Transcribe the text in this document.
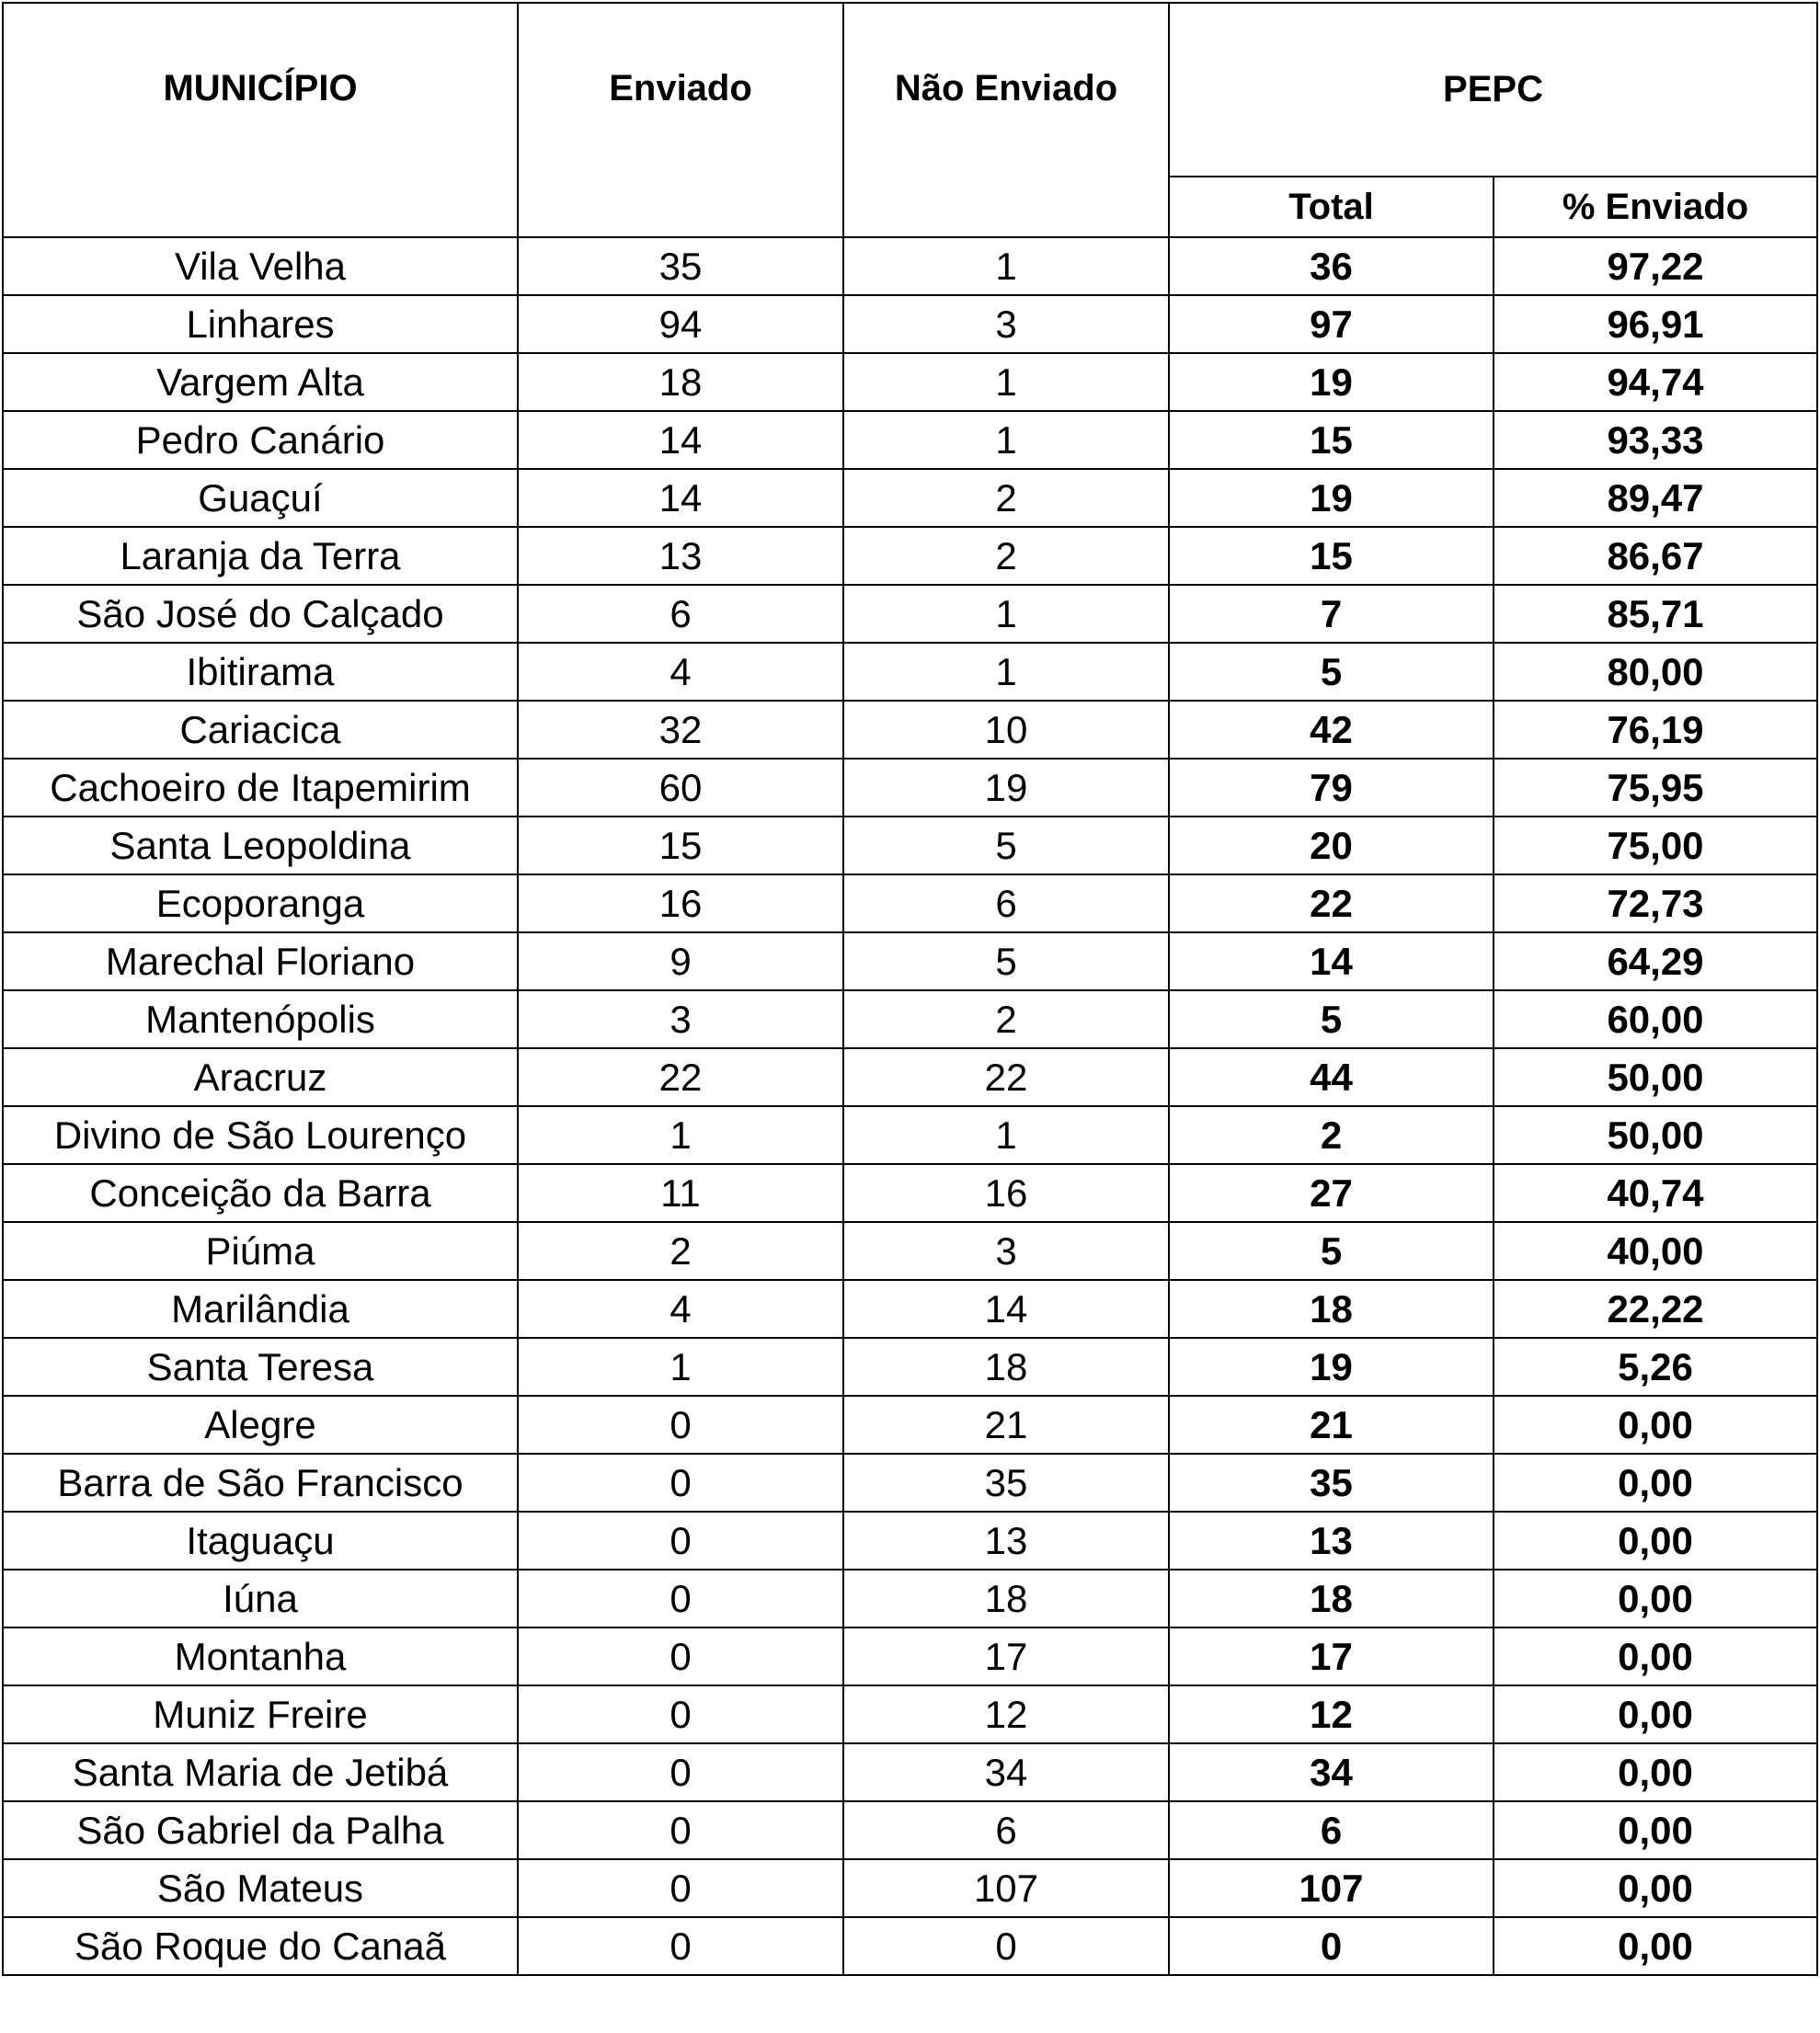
MUNICÍPIO	Enviado	Não Enviado	PEPC	
			Total	% Enviado
Vila Velha	35	1	36	97,22
Linhares	94	3	97	96,91
Vargem Alta	18	1	19	94,74
Pedro Canário	14	1	15	93,33
Guaçuí	14	2	19	89,47
Laranja da Terra	13	2	15	86,67
São José do Calçado	6	1	7	85,71
Ibitirama	4	1	5	80,00
Cariacica	32	10	42	76,19
Cachoeiro de Itapemirim	60	19	79	75,95
Santa Leopoldina	15	5	20	75,00
Ecoporanga	16	6	22	72,73
Marechal Floriano	9	5	14	64,29
Mantenópolis	3	2	5	60,00
Aracruz	22	22	44	50,00
Divino de São Lourenço	1	1	2	50,00
Conceição da Barra	11	16	27	40,74
Piúma	2	3	5	40,00
Marilândia	4	14	18	22,22
Santa Teresa	1	18	19	5,26
Alegre	0	21	21	0,00
Barra de São Francisco	0	35	35	0,00
Itaguaçu	0	13	13	0,00
Iúna	0	18	18	0,00
Montanha	0	17	17	0,00
Muniz Freire	0	12	12	0,00
Santa Maria de Jetibá	0	34	34	0,00
São Gabriel da Palha	0	6	6	0,00
São Mateus	0	107	107	0,00
São Roque do Canaã	0	0	0	0,00
